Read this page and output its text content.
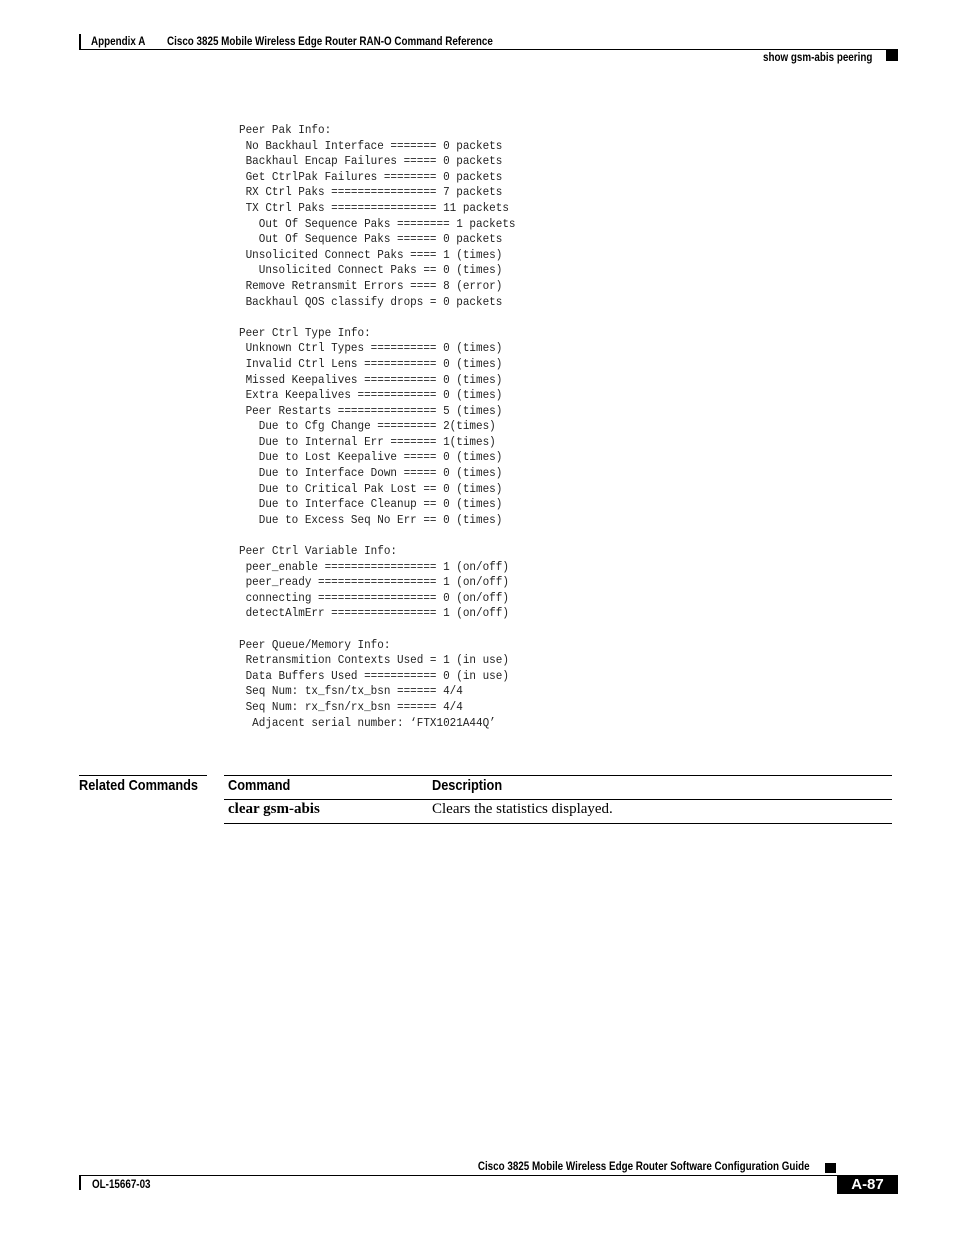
Appendix A Cisco 3825 Mobile Wireless Edge Router RAN-O Command Reference
show gsm-abis peering
Peer Pak Info:
No Backhaul Interface ======= 0 packets
Backhaul Encap Failures ===== 0 packets
Get CtrlPak Failures ======== 0 packets
RX Ctrl Paks ================ 7 packets
TX Ctrl Paks ================ 11 packets
Out Of Sequence Paks ======== 1 packets
Out Of Sequence Paks ====== 0 packets
Unsolicited Connect Paks ==== 1 (times)
Unsolicited Connect Paks == 0 (times)
Remove Retransmit Errors ==== 8 (error)
Backhaul QOS classify drops = 0 packets

Peer Ctrl Type Info:
Unknown Ctrl Types ========== 0 (times)
Invalid Ctrl Lens =========== 0 (times)
Missed Keepalives =========== 0 (times)
Extra Keepalives ============ 0 (times)
Peer Restarts =============== 5 (times)
Due to Cfg Change ========= 2(times)
Due to Internal Err ======= 1(times)
Due to Lost Keepalive ===== 0 (times)
Due to Interface Down ===== 0 (times)
Due to Critical Pak Lost == 0 (times)
Due to Interface Cleanup == 0 (times)
Due to Excess Seq No Err == 0 (times)

Peer Ctrl Variable Info:
peer_enable ================= 1 (on/off)
peer_ready ================== 1 (on/off)
connecting ================== 0 (on/off)
detectAlmErr ================ 1 (on/off)

Peer Queue/Memory Info:
Retransmition Contexts Used = 1 (in use)
Data Buffers Used =========== 0 (in use)
Seq Num: tx_fsn/tx_bsn ====== 4/4
Seq Num: rx_fsn/rx_bsn ====== 4/4
Adjacent serial number: ‘FTX1021A44Q’
Related Commands Command	Description
clear gsm-abis	Clears the statistics displayed.
Cisco 3825 Mobile Wireless Edge Router Software Configuration Guide
OL-15667-03	A-87
